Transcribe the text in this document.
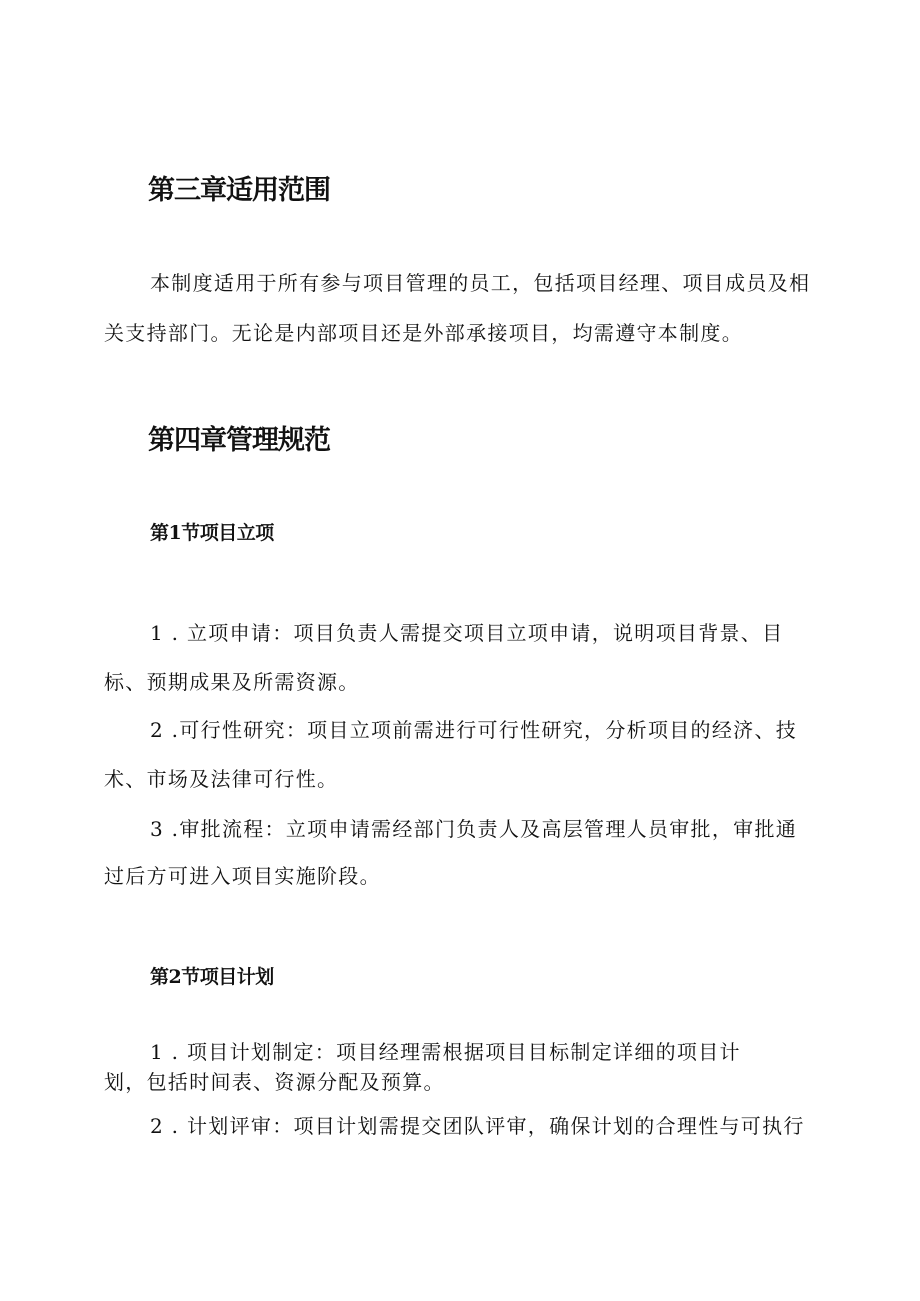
第三章适用范围

本制度适用于所有参与项目管理的员工，包括项目经理、项目成员及相

关支持部门。无论是内部项目还是外部承接项目，均需遵守本制度。

第四章管理规范
第1节项目立项

1 . 立项申请：项目负责人需提交项目立项申请，说明项目背景、目

标、预期成果及所需资源。

2 .可行性研究：项目立项前需进行可行性研究，分析项目的经济、技

术、市场及法律可行性。

3 .审批流程：立项申请需经部门负责人及高层管理人员审批，审批通

过后方可进入项目实施阶段。

第2节项目计划

1 . 项目计划制定：项目经理需根据项目目标制定详细的项目计

划，包括时间表、资源分配及预算。

2 . 计划评审：项目计划需提交团队评审，确保计划的合理性与可执行
